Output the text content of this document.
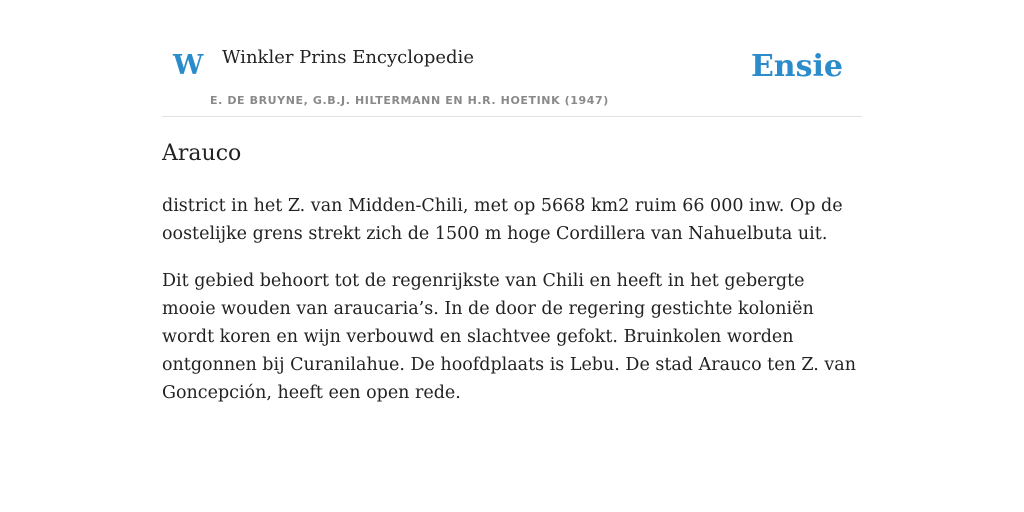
W Winkler Prins Encyclopedie
E. DE BRUYNE, G.B.J. HILTERMANN EN H.R. HOETINK (1947)
Ensie
Arauco

district in het Z. van Midden-Chili, met op 5668 km2 ruim 66 000 inw. Op de oostelijke grens strekt zich de 1500 m hoge Cordillera van Nahuelbuta uit.

Dit gebied behoort tot de regenrijkste van Chili en heeft in het gebergte mooie wouden van araucaria’s. In de door de regering gestichte koloniën wordt koren en wijn verbouwd en slachtvee gefokt. Bruinkolen worden ontgonnen bij Curanilahue. De hoofdplaats is Lebu. De stad Arauco ten Z. van Goncepción, heeft een open rede.
